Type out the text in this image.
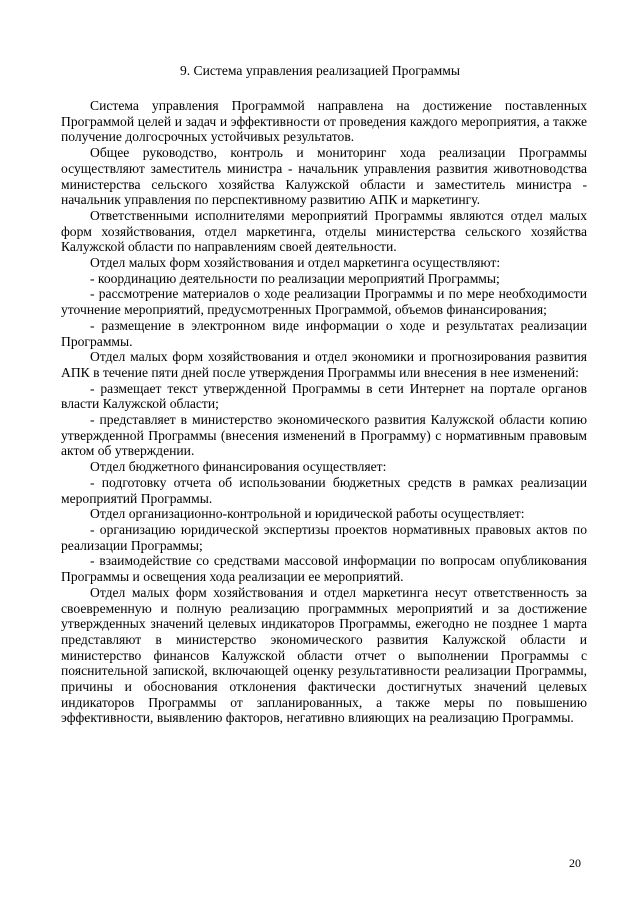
9. Система управления реализацией Программы

Система управления Программой направлена на достижение поставленных Программой целей и задач и эффективности от проведения каждого мероприятия, а также получение долгосрочных устойчивых результатов.

Общее руководство, контроль и мониторинг хода реализации Программы осуществляют заместитель министра - начальник управления развития животноводства министерства сельского хозяйства Калужской области и заместитель министра - начальник управления по перспективному развитию АПК и маркетингу.

Ответственными исполнителями мероприятий Программы являются отдел малых форм хозяйствования, отдел маркетинга, отделы министерства сельского хозяйства Калужской области по направлениям своей деятельности.

Отдел малых форм хозяйствования и отдел маркетинга осуществляют:

- координацию деятельности по реализации мероприятий Программы;

- рассмотрение материалов о ходе реализации Программы и по мере необходимости уточнение мероприятий, предусмотренных Программой, объемов финансирования;

- размещение в электронном виде информации о ходе и результатах реализации Программы.

Отдел малых форм хозяйствования и отдел экономики и прогнозирования развития АПК в течение пяти дней после утверждения Программы или внесения в нее изменений:

- размещает текст утвержденной Программы в сети Интернет на портале органов власти Калужской области;

- представляет в министерство экономического развития Калужской области копию утвержденной Программы (внесения изменений в Программу) с нормативным правовым актом об утверждении.

Отдел бюджетного финансирования осуществляет:

- подготовку отчета об использовании бюджетных средств в рамках реализации мероприятий Программы.

Отдел организационно-контрольной и юридической работы осуществляет:

- организацию юридической экспертизы проектов нормативных правовых актов по реализации Программы;

- взаимодействие со средствами массовой информации по вопросам опубликования Программы и освещения хода реализации ее мероприятий.

Отдел малых форм хозяйствования и отдел маркетинга несут ответственность за своевременную и полную реализацию программных мероприятий и за достижение утвержденных значений целевых индикаторов Программы, ежегодно не позднее 1 марта представляют в министерство экономического развития Калужской области и министерство финансов Калужской области отчет о выполнении Программы с пояснительной запиской, включающей оценку результативности реализации Программы, причины и обоснования отклонения фактически достигнутых значений целевых индикаторов Программы от запланированных, а также меры по повышению эффективности, выявлению факторов, негативно влияющих на реализацию Программы.

20
